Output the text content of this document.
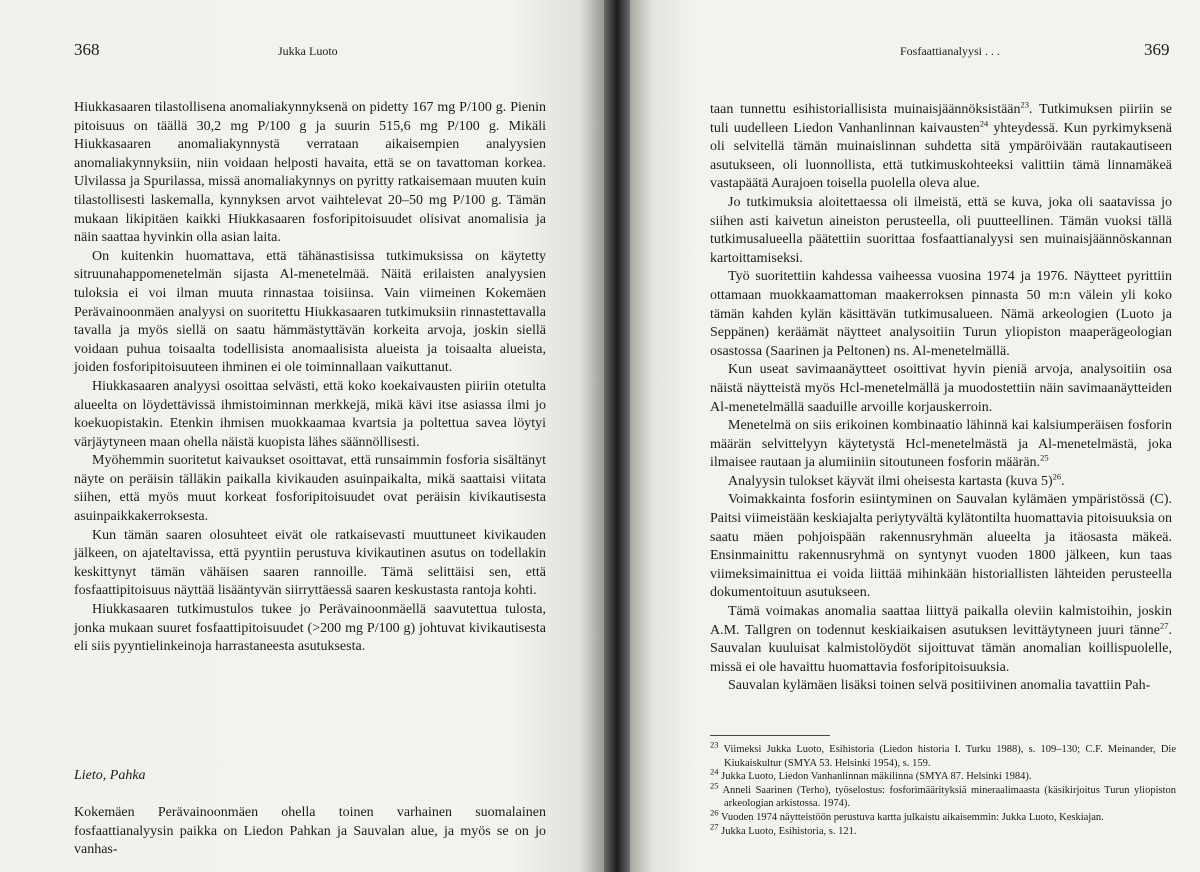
368	Jukka Luoto

Hiukkasaaren tilastollisena anomaliakynnyksenä on pidetty 167 mg P/100 g. Pienin pitoisuus on täällä 30,2 mg P/100 g ja suurin 515,6 mg P/100 g. Mikäli Hiukkasaaren anomaliakynnystä verrataan aikaisempien analyysien anomaliakynnyksiin, niin voidaan helposti havaita, että se on tavattoman korkea. Ulvilassa ja Spurilassa, missä anomaliakynnys on pyritty ratkaisemaan muuten kuin tilastollisesti laskemalla, kynnyksen arvot vaihtelevat 20–50 mg P/100 g. Tämän mukaan likipitäen kaikki Hiukkasaaren fosforipitoisuudet olisivat anomalisia ja näin saattaa hyvinkin olla asian laita.

On kuitenkin huomattava, että tähänastisissa tutkimuksissa on käytetty sitruunahappomenetelmän sijasta Al-menetelmää. Näitä erilaisten analyysien tuloksia ei voi ilman muuta rinnastaa toisiinsa. Vain viimeinen Kokemäen Perävainoonmäen analyysi on suoritettu Hiukkasaaren tutkimuksiin rinnastettavalla tavalla ja myös siellä on saatu hämmästyttävän korkeita arvoja, joskin siellä voidaan puhua toisaalta todellisista anomaalisista alueista ja toisaalta alueista, joiden fosforipitoisuuteen ihminen ei ole toiminnallaan vaikuttanut.

Hiukkasaaren analyysi osoittaa selvästi, että koko koekaivausten piiriin otetulta alueelta on löydettävissä ihmistoiminnan merkkejä, mikä kävi itse asiassa ilmi jo koekuopistakin. Etenkin ihmisen muokkaamaa kvartsia ja poltettua savea löytyi värjäytyneen maan ohella näistä kuopista lähes säännöllisesti.

Myöhemmin suoritetut kaivaukset osoittavat, että runsaimmin fosforia sisältänyt näyte on peräisin tälläkin paikalla kivikauden asuinpaikalta, mikä saattaisi viitata siihen, että myös muut korkeat fosforipitoisuudet ovat peräisin kivikautisesta asuinpaikkakerroksesta.

Kun tämän saaren olosuhteet eivät ole ratkaisevasti muuttuneet kivikauden jälkeen, on ajateltavissa, että pyyntiin perustuva kivikautinen asutus on todellakin keskittynyt tämän vähäisen saaren rannoille. Tämä selittäisi sen, että fosfaattipitoisuus näyttää lisääntyvän siirryttäessä saaren keskustasta rantoja kohti.

Hiukkasaaren tutkimustulos tukee jo Perävainoonmäellä saavutettua tulosta, jonka mukaan suuret fosfaattipitoisuudet (>200 mg P/100 g) johtuvat kivikautisesta eli siis pyyntielinkeinoja harrastaneesta asutuksesta.

Lieto, Pahka

Kokemäen Perävainoonmäen ohella toinen varhainen suomalainen fosfaattianalyysin paikka on Liedon Pahkan ja Sauvalan alue, ja myös se on jo vanhas-

Fosfaattianalyysi . . .	369

taan tunnettu esihistoriallisista muinaisjäännöksistään$^{23}$. Tutkimuksen piiriin se tuli uudelleen Liedon Vanhanlinnan kaivausten$^{24}$ yhteydessä. Kun pyrkimyksenä oli selvitellä tämän muinaislinnan suhdetta sitä ympäröivään rautakautiseen asutukseen, oli luonnollista, että tutkimuskohteeksi valittiin tämä linnamäkeä vastapäätä Aurajoen toisella puolella oleva alue.

Jo tutkimuksia aloitettaessa oli ilmeistä, että se kuva, joka oli saatavissa jo siihen asti kaivetun aineiston perusteella, oli puutteellinen. Tämän vuoksi tällä tutkimusalueella päätettiin suorittaa fosfaattianalyysi sen muinaisjäännöskannan kartoittamiseksi.

Työ suoritettiin kahdessa vaiheessa vuosina 1974 ja 1976. Näytteet pyrittiin ottamaan muokkaamattoman maakerroksen pinnasta 50 m:n välein yli koko tämän kahden kylän käsittävän tutkimusalueen. Nämä arkeologien (Luoto ja Seppänen) keräämät näytteet analysoitiin Turun yliopiston maaperägeologian osastossa (Saarinen ja Peltonen) ns. Al-menetelmällä.

Kun useat savimaanäytteet osoittivat hyvin pieniä arvoja, analysoitiin osa näistä näytteistä myös Hcl-menetelmällä ja muodostettiin näin savimaanäytteiden Al-menetelmällä saaduille arvoille korjauskerroin.

Menetelmä on siis erikoinen kombinaatio lähinnä kai kalsiumperäisen fosforin määrän selvittelyyn käytetystä Hcl-menetelmästä ja Al-menetelmästä, joka ilmaisee rautaan ja alumiiniin sitoutuneen fosforin määrän.$^{25}$

Analyysin tulokset käyvät ilmi oheisesta kartasta (kuva 5)$^{26}$.

Voimakkainta fosforin esiintyminen on Sauvalan kylämäen ympäristössä (C). Paitsi viimeistään keskiajalta periytyvältä kylätontilta huomattavia pitoisuuksia on saatu mäen pohjoispään rakennusryhmän alueelta ja itäosasta mäkeä. Ensinmainittu rakennusryhmä on syntynyt vuoden 1800 jälkeen, kun taas viimeksimainittua ei voida liittää mihinkään historiallisten lähteiden perusteella dokumentoituun asutukseen.

Tämä voimakas anomalia saattaa liittyä paikalla oleviin kalmistoihin, joskin A.M. Tallgren on todennut keskiaikaisen asutuksen levittäytyneen juuri tänne$^{27}$. Sauvalan kuuluisat kalmistolöydöt sijoittuvat tämän anomalian koillispuolelle, missä ei ole havaittu huomattavia fosforipitoisuuksia.

Sauvalan kylämäen lisäksi toinen selvä positiivinen anomalia tavattiin Pah-

$^{23}$ Viimeksi Jukka Luoto, Esihistoria (Liedon historia I. Turku 1988), s. 109–130; C.F. Meinander, Die Kiukaiskultur (SMYA 53. Helsinki 1954), s. 159.

$^{24}$ Jukka Luoto, Liedon Vanhanlinnan mäkilinna (SMYA 87. Helsinki 1984).

$^{25}$ Anneli Saarinen (Terho), työselostus: fosforimäärityksiä mineraalimaasta (käsikirjoitus Turun yliopiston arkeologian arkistossa. 1974).

$^{26}$ Vuoden 1974 näytteistöön perustuva kartta julkaistu aikaisemmin: Jukka Luoto, Keskiajan.

$^{27}$ Jukka Luoto, Esihistoria, s. 121.
